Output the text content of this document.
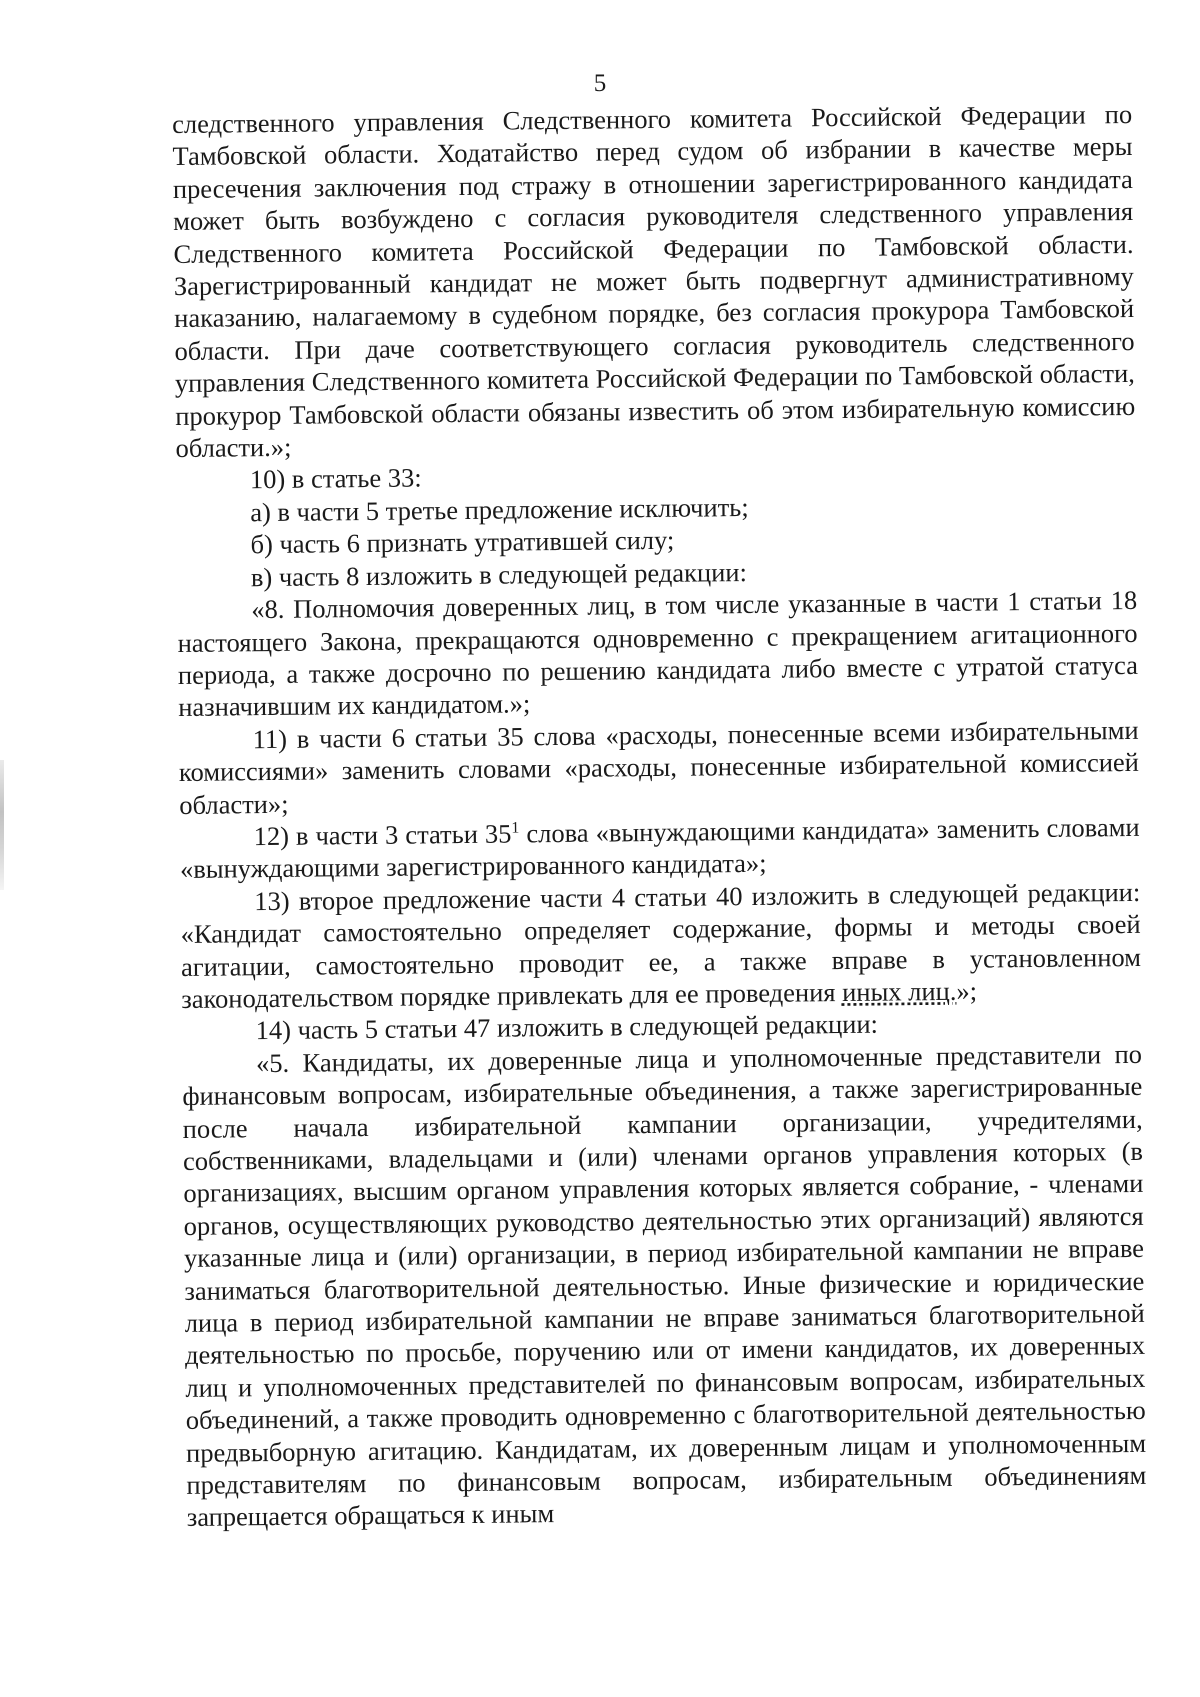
5

следственного управления Следственного комитета Российской Федерации по Тамбовской области. Ходатайство перед судом об избрании в качестве меры пресечения заключения под стражу в отношении зарегистрированного кандидата может быть возбуждено с согласия руководителя следственного управления Следственного комитета Российской Федерации по Тамбовской области. Зарегистрированный кандидат не может быть подвергнут административному наказанию, налагаемому в судебном порядке, без согласия прокурора Тамбовской области. При даче соответствующего согласия руководитель следственного управления Следственного комитета Российской Федерации по Тамбовской области, прокурор Тамбовской области обязаны известить об этом избирательную комиссию области.»;

10) в статье 33:

а) в части 5 третье предложение исключить;

б) часть 6 признать утратившей силу;

в) часть 8 изложить в следующей редакции:

«8. Полномочия доверенных лиц, в том числе указанные в части 1 статьи 18 настоящего Закона, прекращаются одновременно с прекращением агитационного периода, а также досрочно по решению кандидата либо вместе с утратой статуса назначившим их кандидатом.»;

11) в части 6 статьи 35 слова «расходы, понесенные всеми избирательными комиссиями» заменить словами «расходы, понесенные избирательной комиссией области»;

12) в части 3 статьи $35^1$ слова «вынуждающими кандидата» заменить словами «вынуждающими зарегистрированного кандидата»;

13) второе предложение части 4 статьи 40 изложить в следующей редакции: «Кандидат самостоятельно определяет содержание, формы и методы своей агитации, самостоятельно проводит ее, а также вправе в установленном законодательством порядке привлекать для ее проведения иных лиц.»;

14) часть 5 статьи 47 изложить в следующей редакции:

«5. Кандидаты, их доверенные лица и уполномоченные представители по финансовым вопросам, избирательные объединения, а также зарегистрированные после начала избирательной кампании организации, учредителями, собственниками, владельцами и (или) членами органов управления которых (в организациях, высшим органом управления которых является собрание, - членами органов, осуществляющих руководство деятельностью этих организаций) являются указанные лица и (или) организации, в период избирательной кампании не вправе заниматься благотворительной деятельностью. Иные физические и юридические лица в период избирательной кампании не вправе заниматься благотворительной деятельностью по просьбе, поручению или от имени кандидатов, их доверенных лиц и уполномоченных представителей по финансовым вопросам, избирательных объединений, а также проводить одновременно с благотворительной деятельностью предвыборную агитацию. Кандидатам, их доверенным лицам и уполномоченным представителям по финансовым вопросам, избирательным объединениям запрещается обращаться к иным
